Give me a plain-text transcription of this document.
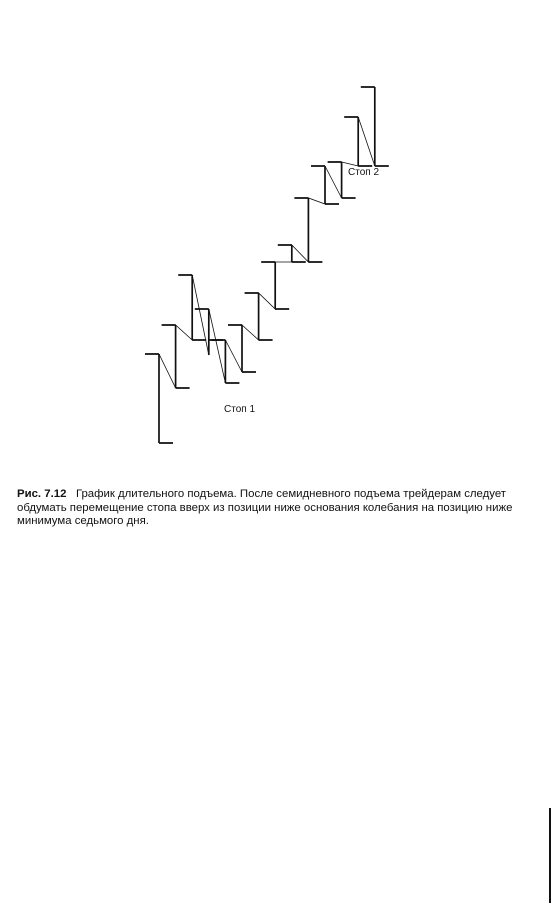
Стоп 1
Стоп 2
Рис. 7.12 График длительного подъема. После семидневного подъема трейдерам следует обдумать перемещение стопа вверх из позиции ниже основания колебания на позицию ниже минимума седьмого дня.
